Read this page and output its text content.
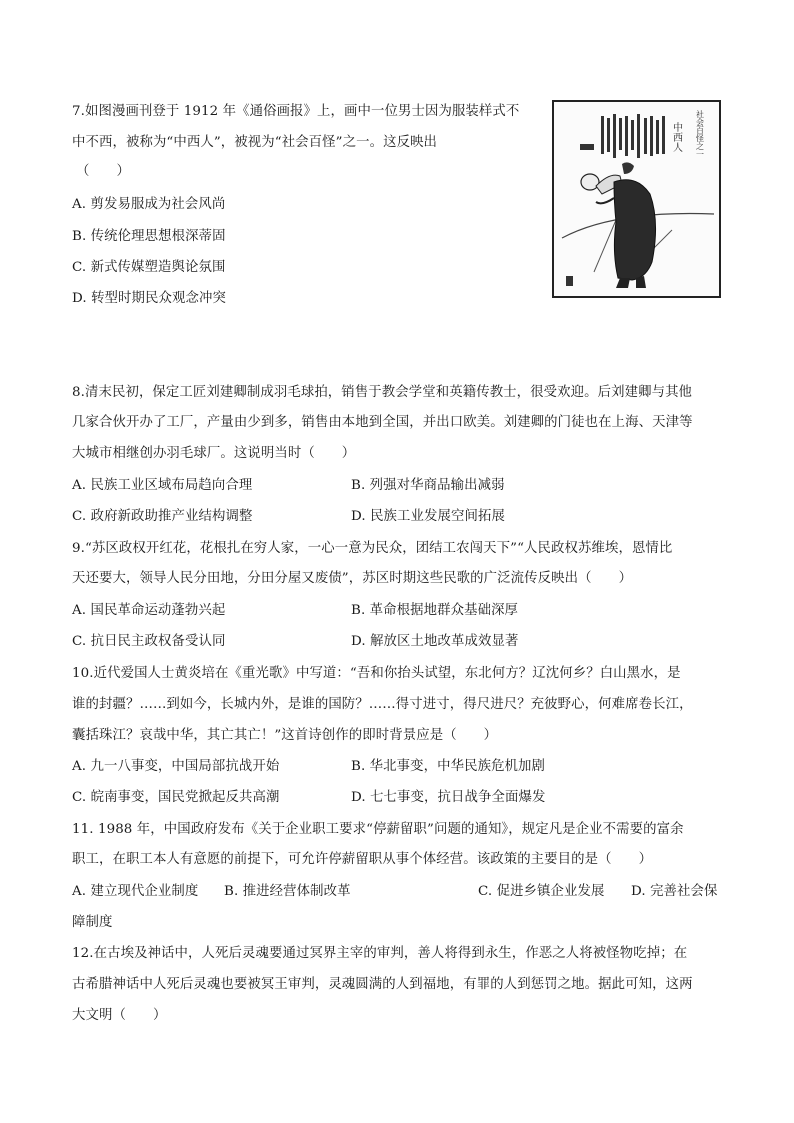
7.如图漫画刊登于 1912 年《通俗画报》上，画中一位男士因为服装样式不
中不西，被称为“中西人”，被视为“社会百怪”之一。这反映出
（　　）
A. 剪发易服成为社会风尚
B. 传统伦理思想根深蒂固
C. 新式传媒塑造舆论氛围
D. 转型时期民众观念冲突
中西人 社会百怪之一
8.清末民初，保定工匠刘建卿制成羽毛球拍，销售于教会学堂和英籍传教士，很受欢迎。后刘建卿与其他
几家合伙开办了工厂，产量由少到多，销售由本地到全国，并出口欧美。刘建卿的门徒也在上海、天津等
大城市相继创办羽毛球厂。这说明当时（　　）
A. 民族工业区域布局趋向合理	B. 列强对华商品输出减弱
C. 政府新政助推产业结构调整	D. 民族工业发展空间拓展
9.“苏区政权开红花，花根扎在穷人家，一心一意为民众，团结工农闯天下”“人民政权苏维埃，恩情比
天还要大，领导人民分田地，分田分屋又废债”，苏区时期这些民歌的广泛流传反映出（　　）
A. 国民革命运动蓬勃兴起	B. 革命根据地群众基础深厚
C. 抗日民主政权备受认同	D. 解放区土地改革成效显著
10.近代爱国人士黄炎培在《重光歌》中写道：“吾和你抬头试望，东北何方？辽沈何乡？白山黑水，是
谁的封疆？……到如今，长城内外，是谁的国防？……得寸进寸，得尺进尺？充彼野心，何难席卷长江，
囊括珠江？哀哉中华，其亡其亡！”这首诗创作的即时背景应是（　　）
A. 九一八事变，中国局部抗战开始	B. 华北事变，中华民族危机加剧
C. 皖南事变，国民党掀起反共高潮	D. 七七事变，抗日战争全面爆发
11. 1988 年，中国政府发布《关于企业职工要求“停薪留职”问题的通知》，规定凡是企业不需要的富余
职工，在职工本人有意愿的前提下，可允许停薪留职从事个体经营。该政策的主要目的是（　　）
A. 建立现代企业制度 B. 推进经营体制改革	C. 促进乡镇企业发展 D. 完善社会保
障制度
12.在古埃及神话中，人死后灵魂要通过冥界主宰的审判，善人将得到永生，作恶之人将被怪物吃掉；在
古希腊神话中人死后灵魂也要被冥王审判，灵魂圆满的人到福地，有罪的人到惩罚之地。据此可知，这两
大文明（　　）
